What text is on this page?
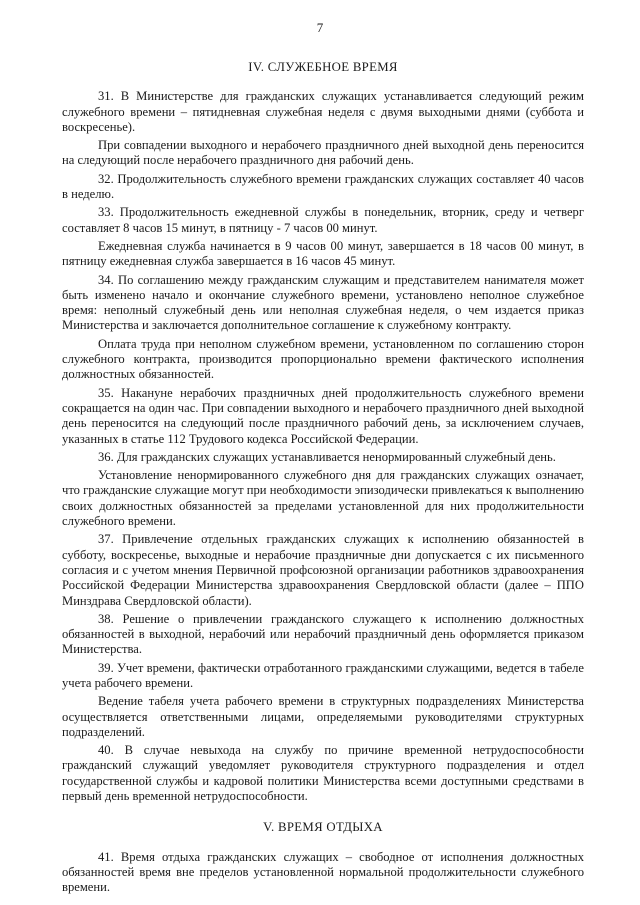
7
IV. СЛУЖЕБНОЕ ВРЕМЯ

31. В Министерстве для гражданских служащих устанавливается следующий режим служебного времени – пятидневная служебная неделя с двумя выходными днями (суббота и воскресенье).

При совпадении выходного и нерабочего праздничного дней выходной день переносится на следующий после нерабочего праздничного дня рабочий день.

32. Продолжительность служебного времени гражданских служащих составляет 40 часов в неделю.

33. Продолжительность ежедневной службы в понедельник, вторник, среду и четверг составляет 8 часов 15 минут, в пятницу - 7 часов 00 минут.

Ежедневная служба начинается в 9 часов 00 минут, завершается в 18 часов 00 минут, в пятницу ежедневная служба завершается в 16 часов 45 минут.

34. По соглашению между гражданским служащим и представителем нанимателя может быть изменено начало и окончание служебного времени, установлено неполное служебное время: неполный служебный день или неполная служебная неделя, о чем издается приказ Министерства и заключается дополнительное соглашение к служебному контракту.

Оплата труда при неполном служебном времени, установленном по соглашению сторон служебного контракта, производится пропорционально времени фактического исполнения должностных обязанностей.

35. Накануне нерабочих праздничных дней продолжительность служебного времени сокращается на один час. При совпадении выходного и нерабочего праздничного дней выходной день переносится на следующий после праздничного рабочий день, за исключением случаев, указанных в статье 112 Трудового кодекса Российской Федерации.

36. Для гражданских служащих устанавливается ненормированный служебный день.

Установление ненормированного служебного дня для гражданских служащих означает, что гражданские служащие могут при необходимости эпизодически привлекаться к выполнению своих должностных обязанностей за пределами установленной для них продолжительности служебного времени.

37. Привлечение отдельных гражданских служащих к исполнению обязанностей в субботу, воскресенье, выходные и нерабочие праздничные дни допускается с их письменного согласия и с учетом мнения Первичной профсоюзной организации работников здравоохранения Российской Федерации Министерства здравоохранения Свердловской области (далее – ППО Минздрава Свердловской области).

38. Решение о привлечении гражданского служащего к исполнению должностных обязанностей в выходной, нерабочий или нерабочий праздничный день оформляется приказом Министерства.

39. Учет времени, фактически отработанного гражданскими служащими, ведется в табеле учета рабочего времени.

Ведение табеля учета рабочего времени в структурных подразделениях Министерства осуществляется ответственными лицами, определяемыми руководителями структурных подразделений.

40. В случае невыхода на службу по причине временной нетрудоспособности гражданский служащий уведомляет руководителя структурного подразделения и отдел государственной службы и кадровой политики Министерства всеми доступными средствами в первый день временной нетрудоспособности.

V. ВРЕМЯ ОТДЫХА

41. Время отдыха гражданских служащих – свободное от исполнения должностных обязанностей время вне пределов установленной нормальной продолжительности служебного времени.
